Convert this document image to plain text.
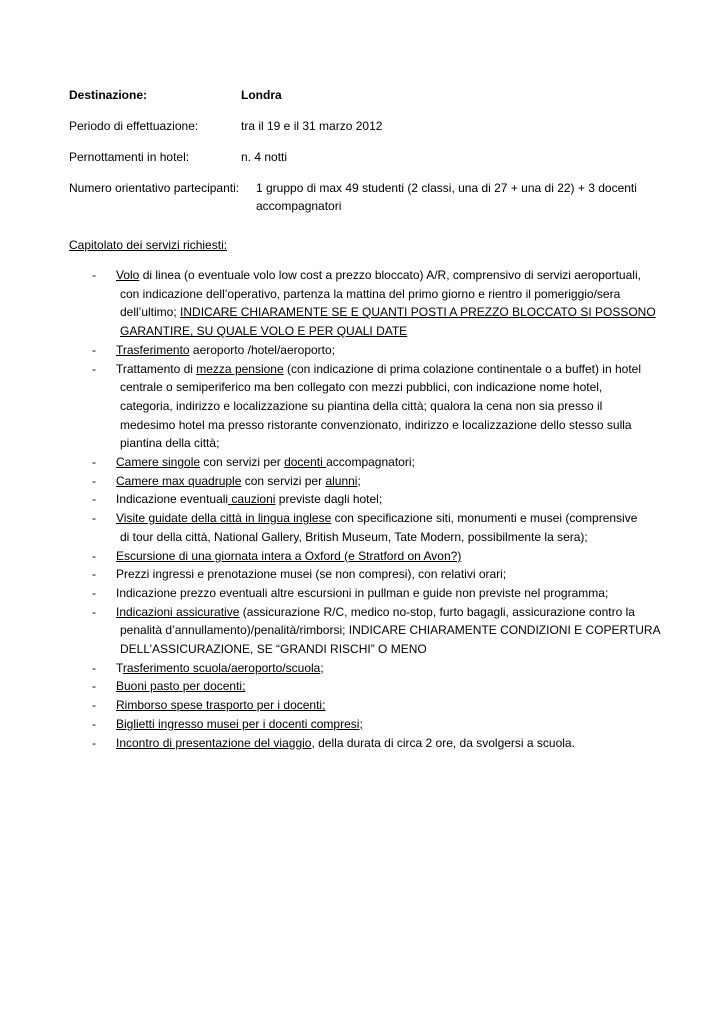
Destinazione:	Londra
Periodo di effettuazione:	tra il 19 e il 31 marzo 2012
Pernottamenti in hotel:	n. 4 notti
Numero orientativo partecipanti: 1 gruppo di max 49 studenti (2 classi, una di 27 + una di 22) + 3 docenti
accompagnatori
Capitolato dei servizi richiesti:
- Volo di linea (o eventuale volo low cost a prezzo bloccato) A/R, comprensivo di servizi aeroportuali,
con indicazione dell’operativo, partenza la mattina del primo giorno e rientro il pomeriggio/sera
dell’ultimo; INDICARE CHIARAMENTE SE E QUANTI POSTI A PREZZO BLOCCATO SI POSSONO
GARANTIRE, SU QUALE VOLO E PER QUALI DATE
- Trasferimento aeroporto /hotel/aeroporto;
- Trattamento di mezza pensione (con indicazione di prima colazione continentale o a buffet) in hotel
centrale o semiperiferico ma ben collegato con mezzi pubblici, con indicazione nome hotel,
categoria, indirizzo e localizzazione su piantina della città; qualora la cena non sia presso il
medesimo hotel ma presso ristorante convenzionato, indirizzo e localizzazione dello stesso sulla
piantina della città;
- Camere singole con servizi per docenti accompagnatori;
- Camere max quadruple con servizi per alunni;
- Indicazione eventuali cauzioni previste dagli hotel;
- Visite guidate della città in lingua inglese con specificazione siti, monumenti e musei (comprensive
di tour della città, National Gallery, British Museum, Tate Modern, possibilmente la sera);
- Escursione di una giornata intera a Oxford (e Stratford on Avon?)
- Prezzi ingressi e prenotazione musei (se non compresi), con relativi orari;
- Indicazione prezzo eventuali altre escursioni in pullman e guide non previste nel programma;
- Indicazioni assicurative (assicurazione R/C, medico no-stop, furto bagagli, assicurazione contro la
penalità d’annullamento)/penalità/rimborsi; INDICARE CHIARAMENTE CONDIZIONI E COPERTURA
DELL’ASSICURAZIONE, SE “GRANDI RISCHI” O MENO
- Trasferimento scuola/aeroporto/scuola;
- Buoni pasto per docenti;
- Rimborso spese trasporto per i docenti;
- Biglietti ingresso musei per i docenti compresi;
- Incontro di presentazione del viaggio, della durata di circa 2 ore, da svolgersi a scuola.
